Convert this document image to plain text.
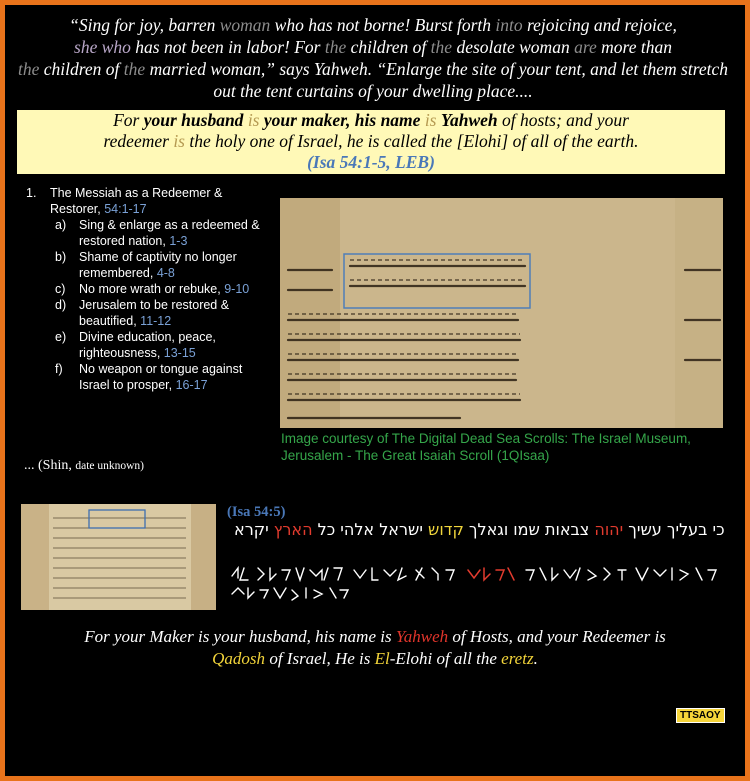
“Sing for joy, barren woman who has not borne! Burst forth into rejoicing and rejoice,
she who has not been in labor! For the children of the desolate woman are more than
the children of the married woman,” says Yahweh. “Enlarge the site of your tent, and let them stretch out the tent curtains of your dwelling place....
For your husband is your maker, his name is Yahweh of hosts; and your
redeemer is the holy one of Israel, he is called the [Elohi] of all of the earth.
(Isa 54:1-5, LEB)
1. The Messiah as a Redeemer & Restorer, 54:1-17
a) Sing & enlarge as a redeemed & restored nation, 1-3
b) Shame of captivity no longer remembered, 4-8
c) No more wrath or rebuke, 9-10
d) Jerusalem to be restored & beautified, 11-12
e) Divine education, peace, righteousness, 13-15
f) No weapon or tongue against Israel to prosper, 16-17
... (Shin, date unknown)
Image courtesy of The Digital Dead Sea Scrolls: The Israel Museum, Jerusalem - The Great Isaiah Scroll (1QIsaa)
(Isa 54:5)
כי בעליך עשיך יהוה צבאות שמו וגאלך קדוש ישראל אלהי כל הארץ יקרא
For your Maker is your husband, his name is Yahweh of Hosts, and your Redeemer is
Qadosh of Israel, He is El-Elohi of all the eretz.
TTSAOY
